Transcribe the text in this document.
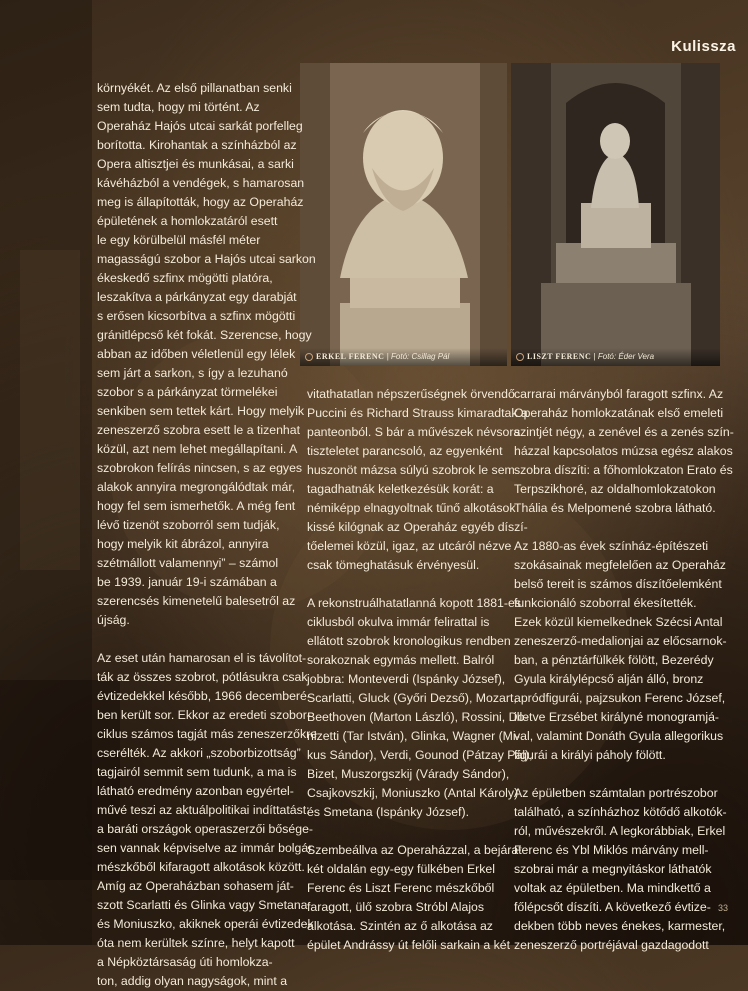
Kulissza
ERKEL FERENC | Fotó: Csillag Pál	LISZT FERENC | Fotó: Éder Vera

környékét. Az első pillanatban senki

sem tudta, hogy mi történt. Az

Operaház Hajós utcai sarkát porfelleg

borította. Kirohantak a színházból az

Opera altisztjei és munkásai, a sarki

kávéházból a vendégek, s hamarosan

meg is állapították, hogy az Operaház

épületének a homlokzatáról esett

le egy körülbelül másfél méter

magasságú szobor a Hajós utcai sarkon

ékeskedő szfinx mögötti platóra,

leszakítva a párkányzat egy darabját

s erősen kicsorbítva a szfinx mögötti

gránitlépcső két fokát. Szerencse, hogy

abban az időben véletlenül egy lélek

sem járt a sarkon, s így a lezuhanó

szobor s a párkányzat törmelékei

senkiben sem tettek kárt. Hogy melyik

zeneszerző szobra esett le a tizenhat

közül, azt nem lehet megállapítani. A

szobrokon felírás nincsen, s az egyes

alakok annyira megrongálódtak már,

hogy fel sem ismerhetők. A még fent

lévő tizenöt szoborról sem tudják,

hogy melyik kit ábrázol, annyira

szétmállott valamennyi” – számol

be 1939. január 19-i számában a

szerencsés kimenetelű balesetről az

újság.

Az eset után hamarosan el is távolítot-

ták az összes szobrot, pótlásukra csak

évtizedekkel később, 1966 decemberé-

ben került sor. Ekkor az eredeti szobor-

ciklus számos tagját más zeneszerzőkre

cserélték. Az akkori „szoborbizottság”

tagjairól semmit sem tudunk, a ma is

látható eredmény azonban egyértel-

művé teszi az aktuálpolitikai indíttatást:

a baráti országok operaszerzői bősége-

sen vannak képviselve az immár bolgár

mészkőből kifaragott alkotások között.

Amíg az Operaházban sohasem ját-

szott Scarlatti és Glinka vagy Smetana

és Moniuszko, akiknek operái évtizedek

óta nem kerültek színre, helyt kapott

a Népköztársaság úti homlokza-

ton, addig olyan nagyságok, mint a

vitathatatlan népszerűségnek örvendő

Puccini és Richard Strauss kimaradtak a

panteonból. S bár a művészek névsora

tiszteletet parancsoló, az egyenként

huszonöt mázsa súlyú szobrok le sem

tagadhatnák keletkezésük korát: a

némiképp elnagyoltnak tűnő alkotások

kissé kilógnak az Operaház egyéb díszí-

tőelemei közül, igaz, az utcáról nézve

csak tömeghatásuk érvényesül.

A rekonstruálhatatlanná kopott 1881-es

ciklusból okulva immár felirattal is

ellátott szobrok kronologikus rendben

sorakoznak egymás mellett. Balról

jobbra: Monteverdi (Ispánky József),

Scarlatti, Gluck (Győri Dezső), Mozart,

Beethoven (Marton László), Rossini, Do-

nizetti (Tar István), Glinka, Wagner (Mi-

kus Sándor), Verdi, Gounod (Pátzay Pál),

Bizet, Muszorgszkij (Várady Sándor),

Csajkovszkij, Moniuszko (Antal Károly)

és Smetana (Ispánky József).

Szembeállva az Operaházzal, a bejárat

két oldalán egy-egy fülkében Erkel

Ferenc és Liszt Ferenc mészkőből

faragott, ülő szobra Stróbl Alajos

alkotása. Szintén az ő alkotása az

épület Andrássy út felőli sarkain a két

carrarai márványból faragott szfinx. Az

Operaház homlokzatának első emeleti

szintjét négy, a zenével és a zenés szín-

házzal kapcsolatos múzsa egész alakos

szobra díszíti: a főhomlokzaton Erato és

Terpszikhoré, az oldalhomlokzatokon

Thália és Melpomené szobra látható.

Az 1880-as évek színház-építészeti

szokásainak megfelelően az Operaház

belső tereit is számos díszítőelemként

funkcionáló szoborral ékesítették.

Ezek közül kiemelkednek Szécsi Antal

zeneszerző-medalionjai az előcsarnok-

ban, a pénztárfülkék fölött, Bezerédy

Gyula királylépcső alján álló, bronz

apródfigurái, pajzsukon Ferenc József,

illetve Erzsébet királyné monogramjá-

val, valamint Donáth Gyula allegorikus

figurái a királyi páholy fölött.

Az épületben számtalan portrészobor

található, a színházhoz kötődő alkotók-

ról, művészekről. A legkorábbiak, Erkel

Ferenc és Ybl Miklós márvány mell-

szobrai már a megnyitáskor láthatók

voltak az épületben. Ma mindkettő a

főlépcsőt díszíti. A következő évtize-

dekben több neves énekes, karmester,

zeneszerző portréjával gazdagodott

33
